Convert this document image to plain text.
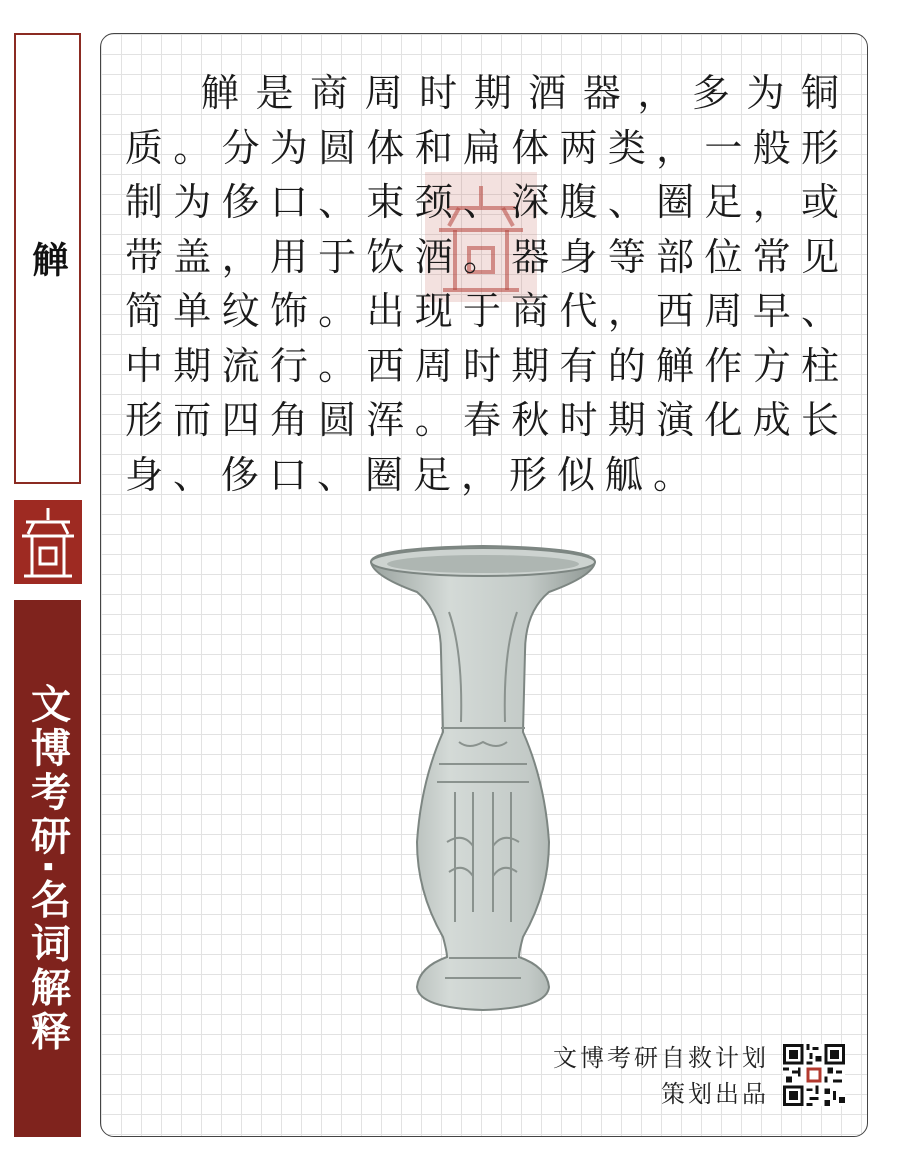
觯
文博考研·名词解释

觯是商周时期酒器，多为铜质。分为圆体和扁体两类，一般形制为侈口、束颈、深腹、圈足，或带盖，用于饮酒。器身等部位常见简单纹饰。出现于商代，西周早、中期流行。西周时期有的觯作方柱形而四角圆浑。春秋时期演化成长身、侈口、圈足，形似觚。

文博考研自救计划
策划出品
